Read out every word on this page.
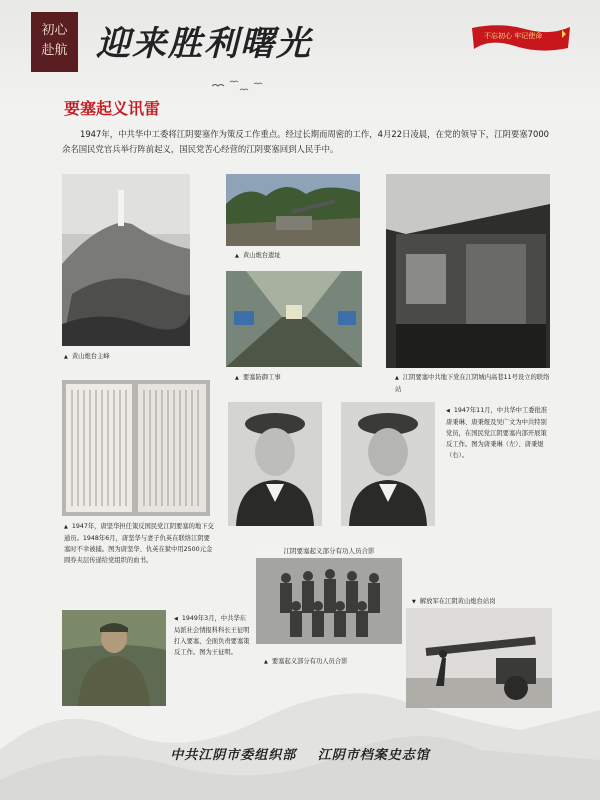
初心
赴航 迎来胜利曙光	不忘初心 牢记使命
要塞起义讯雷

1947年，中共华中工委将江阴要塞作为策反工作重点。经过长期而周密的工作，4月22日凌晨，在党的领导下，江阴要塞7000余名国民党官兵举行阵前起义，国民党苦心经营的江阴要塞回到人民手中。

▲ 黄山炮台主峰
▲ 黄山炮台遗址
▲ 要塞防御工事	▲ 江阴要塞中共地下党在江阴城内高巷11号设立的联络站
◀ 1947年11月，中共华中工委批准唐秉琳、唐秉煜及吴广文为中共特别党员，在国民党江阴要塞内部开展策反工作。图为唐秉琳（左）、唐秉煜（右）。
▲ 1947年，唐坚华担任策反国民党江阴要塞的地下交通员。1948年6月，唐坚华与妻子仇英在联络江阴要塞时不幸被捕。图为唐坚华、仇英在狱中用2500元金圆券夹层传递给党组织的血书。
江阴要塞起义部分有功人员合影
▲ 要塞起义部分有功人员合影
◀ 1949年3月，中共华东局派社会情报科科长王征明打入要塞，全面负责要塞策反工作。图为王征明。
▼ 解放军在江阴黄山炮台站岗
中共江阴市委组织部 江阴市档案史志馆
